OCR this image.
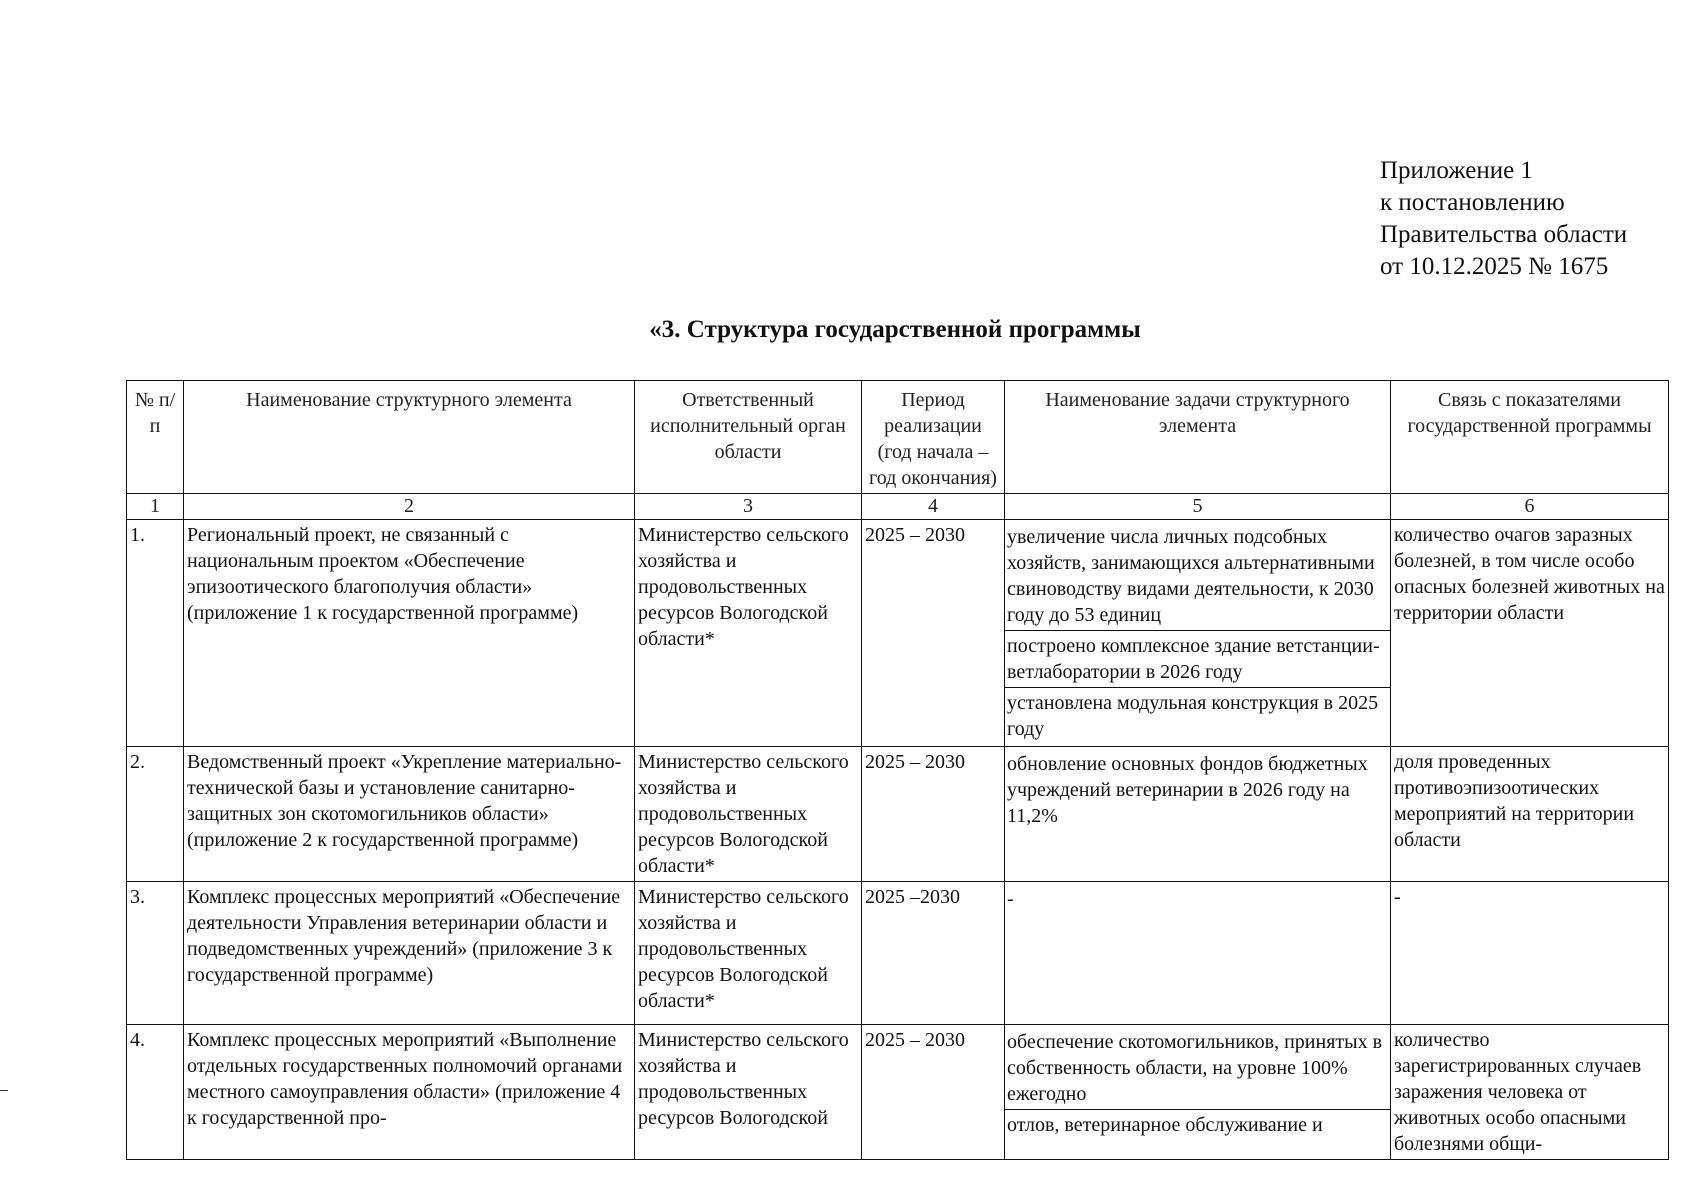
Приложение 1
к постановлению
Правительства области
от 10.12.2025 № 1675
«3. Структура государственной программы
№ п/п	Наименование структурного элемента	Ответственный исполнительный орган области	Период реализации (год начала – год окончания)	Наименование задачи структурного элемента	Связь с показателями государственной программы
1	2	3	4	5	6
1.	Региональный проект, не связанный с национальным проектом «Обеспечение эпизоотического благополучия области» (приложение 1 к государственной программе)	Министерство сельского хозяйства и продовольственных ресурсов Вологодской области*	2025 – 2030	увеличение числа личных подсобных хозяйств, занимающихся альтернативными свиноводству видами деятельности, к 2030 году до 53 единиц
построено комплексное здание ветстанции-ветлаборатории в 2026 году
установлена модульная конструкция в 2025 году	количество очагов заразных болезней, в том числе особо опасных болезней животных на территории области
2.	Ведомственный проект «Укрепление материально-технической базы и установление санитарно-защитных зон скотомогильников области» (приложение 2 к государственной программе)	Министерство сельского хозяйства и продовольственных ресурсов Вологодской области*	2025 – 2030	обновление основных фондов бюджетных учреждений ветеринарии в 2026 году на 11,2%	доля проведенных противоэпизоотических мероприятий на территории области
3.	Комплекс процессных мероприятий «Обеспечение деятельности Управления ветеринарии области и подведомственных учреждений» (приложение 3 к государственной программе)	Министерство сельского хозяйства и продовольственных ресурсов Вологодской области*	2025 –2030	-	-
4.	Комплекс процессных мероприятий «Выполнение отдельных государственных полномочий органами местного самоуправления области» (приложение 4 к государственной про-	Министерство сельского хозяйства и продовольственных ресурсов Вологодской	2025 – 2030	обеспечение скотомогильников, принятых в собственность области, на уровне 100% ежегодно
отлов, ветеринарное обслуживание и	количество зарегистрированных случаев заражения человека от животных особо опасными болезнями общи-
